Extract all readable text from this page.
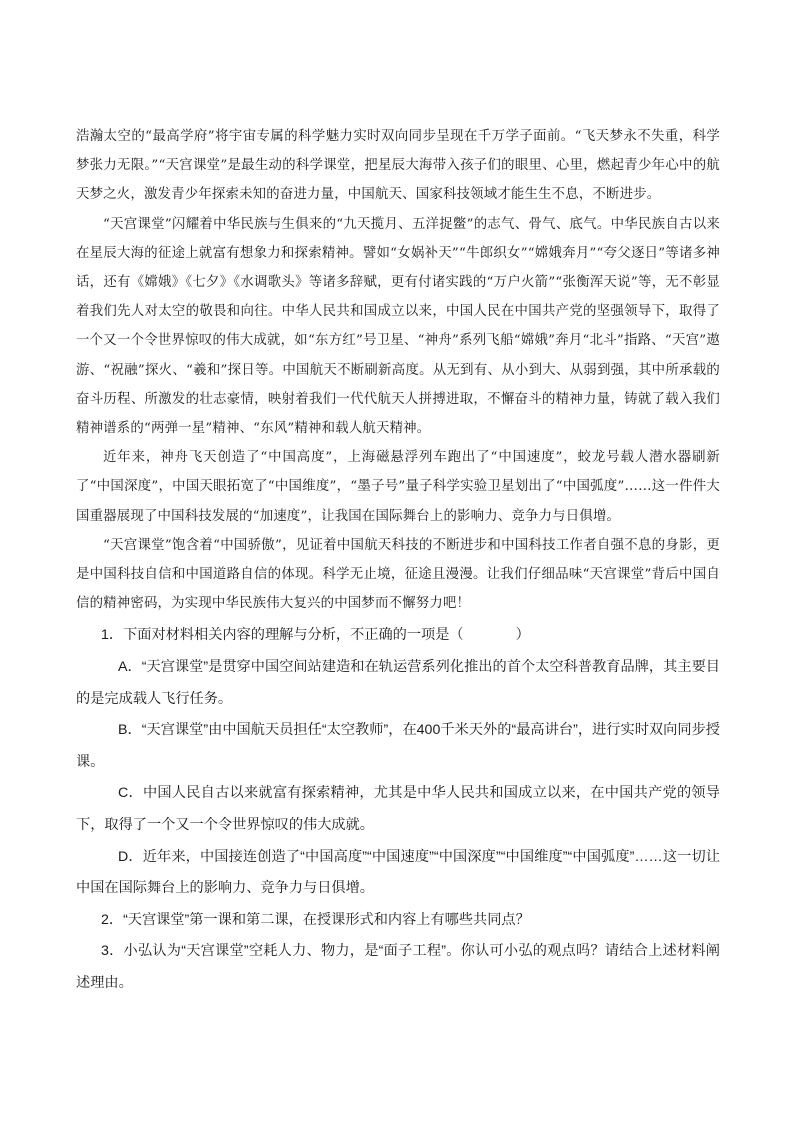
浩瀚太空的“最高学府”将宇宙专属的科学魅力实时双向同步呈现在千万学子面前。“飞天梦永不失重，科学梦张力无限。”“天宫课堂”是最生动的科学课堂，把星辰大海带入孩子们的眼里、心里，燃起青少年心中的航天梦之火，激发青少年探索未知的奋进力量，中国航天、国家科技领域才能生生不息，不断进步。

“天宫课堂”闪耀着中华民族与生俱来的“九天揽月、五洋捉鳖”的志气、骨气、底气。中华民族自古以来在星辰大海的征途上就富有想象力和探索精神。譬如“女娲补天”“牛郎织女”“嫦娥奔月”“夸父逐日”等诸多神话，还有《嫦娥》《七夕》《水调歌头》等诸多辞赋，更有付诸实践的“万户火箭”“张衡浑天说”等，无不彰显着我们先人对太空的敬畏和向往。中华人民共和国成立以来，中国人民在中国共产党的坚强领导下，取得了一个又一个令世界惊叹的伟大成就，如“东方红”号卫星、“神舟”系列飞船“嫦娥”奔月“北斗”指路、“天宫”遨游、“祝融”探火、“羲和”探日等。中国航天不断刷新高度。从无到有、从小到大、从弱到强，其中所承载的奋斗历程、所激发的壮志豪情，映射着我们一代代航天人拼搏进取，不懈奋斗的精神力量，铸就了载入我们精神谱系的“两弹一星”精神、“东风”精神和载人航天精神。

近年来，神舟飞天创造了“中国高度”，上海磁悬浮列车跑出了“中国速度”，蛟龙号载人潜水器刷新了“中国深度”，中国天眼拓宽了“中国维度”，“墨子号”量子科学实验卫星划出了“中国弧度”……这一件件大国重器展现了中国科技发展的“加速度”，让我国在国际舞台上的影响力、竞争力与日俱增。

“天宫课堂”饱含着“中国骄傲”，见证着中国航天科技的不断进步和中国科技工作者自强不息的身影，更是中国科技自信和中国道路自信的体现。科学无止境，征途且漫漫。让我们仔细品味“天宫课堂”背后中国自信的精神密码，为实现中华民族伟大复兴的中国梦而不懈努力吧！

1．下面对材料相关内容的理解与分析，不正确的一项是（	）

A．“天宫课堂”是贯穿中国空间站建造和在轨运营系列化推出的首个太空科普教育品牌，其主要目的是完成载人飞行任务。

B．“天宫课堂”由中国航天员担任“太空教师”，在400千米天外的“最高讲台”，进行实时双向同步授课。

C．中国人民自古以来就富有探索精神，尤其是中华人民共和国成立以来，在中国共产党的领导下，取得了一个又一个令世界惊叹的伟大成就。

D．近年来，中国接连创造了“中国高度”“中国速度”“中国深度”“中国维度”“中国弧度”……这一切让中国在国际舞台上的影响力、竞争力与日俱增。

2．“天宫课堂”第一课和第二课，在授课形式和内容上有哪些共同点？

3．小弘认为“天宫课堂”空耗人力、物力，是“面子工程”。你认可小弘的观点吗？请结合上述材料阐述理由。
